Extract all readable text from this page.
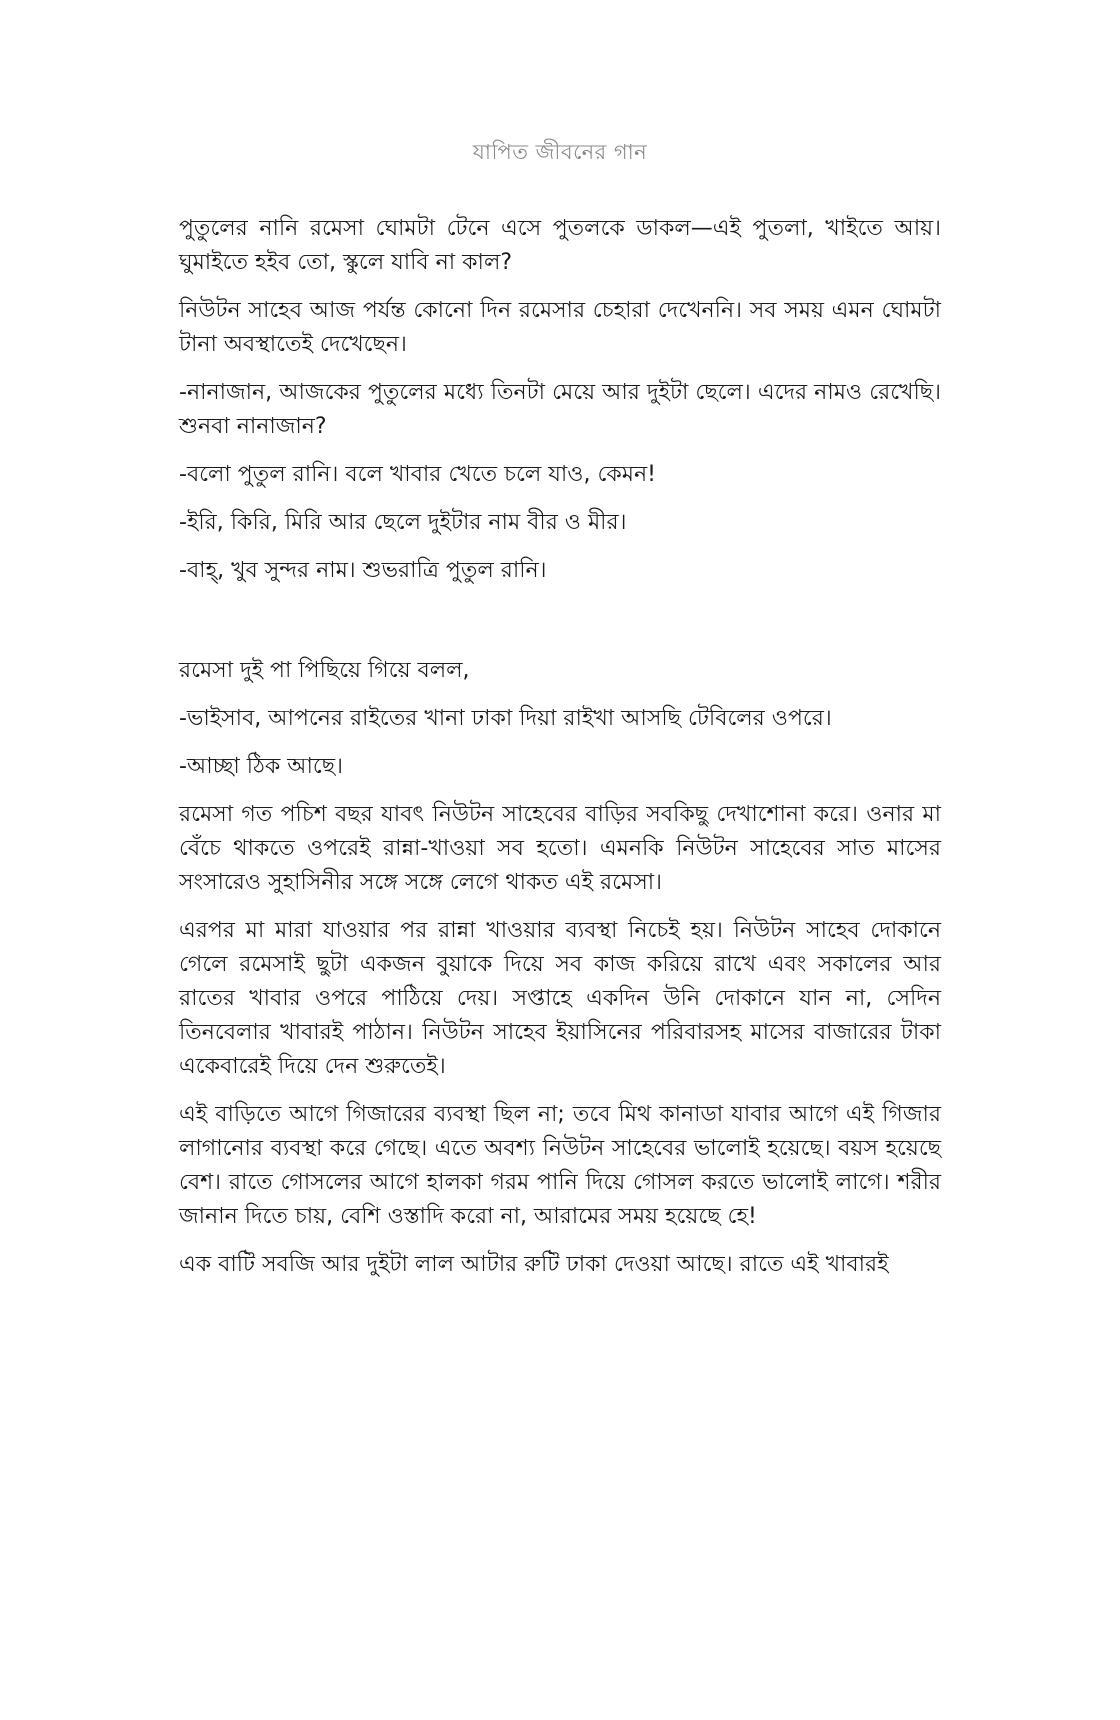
যাপিত জীবনের গান

পুতুলের নানি রমেসা ঘোমটা টেনে এসে পুতলকে ডাকল—এই পুতলা, খাইতে আয়। ঘুমাইতে হইব তো, স্কুলে যাবি না কাল?

নিউটন সাহেব আজ পর্যন্ত কোনো দিন রমেসার চেহারা দেখেননি। সব সময় এমন ঘোমটা টানা অবস্থাতেই দেখেছেন।

-নানাজান, আজকের পুতুলের মধ্যে তিনটা মেয়ে আর দুইটা ছেলে। এদের নামও রেখেছি। শুনবা নানাজান?

-বলো পুতুল রানি। বলে খাবার খেতে চলে যাও, কেমন!

-ইরি, কিরি, মিরি আর ছেলে দুইটার নাম বীর ও মীর।

-বাহ্‌, খুব সুন্দর নাম। শুভরাত্রি পুতুল রানি।

রমেসা দুই পা পিছিয়ে গিয়ে বলল,

-ভাইসাব, আপনের রাইতের খানা ঢাকা দিয়া রাইখা আসছি টেবিলের ওপরে।

-আচ্ছা ঠিক আছে।

রমেসা গত পচিশ বছর যাবৎ নিউটন সাহেবের বাড়ির সবকিছু দেখাশোনা করে। ওনার মা বেঁচে থাকতে ওপরেই রান্না-খাওয়া সব হতো। এমনকি নিউটন সাহেবের সাত মাসের সংসারেও সুহাসিনীর সঙ্গে সঙ্গে লেগে থাকত এই রমেসা।

এরপর মা মারা যাওয়ার পর রান্না খাওয়ার ব্যবস্থা নিচেই হয়। নিউটন সাহেব দোকানে গেলে রমেসাই ছুটা একজন বুয়াকে দিয়ে সব কাজ করিয়ে রাখে এবং সকালের আর রাতের খাবার ওপরে পাঠিয়ে দেয়। সপ্তাহে একদিন উনি দোকানে যান না, সেদিন তিনবেলার খাবারই পাঠান। নিউটন সাহেব ইয়াসিনের পরিবারসহ মাসের বাজারের টাকা একেবারেই দিয়ে দেন শুরুতেই।

এই বাড়িতে আগে গিজারের ব্যবস্থা ছিল না; তবে মিথ কানাডা যাবার আগে এই গিজার লাগানোর ব্যবস্থা করে গেছে। এতে অবশ্য নিউটন সাহেবের ভালোই হয়েছে। বয়স হয়েছে বেশ। রাতে গোসলের আগে হালকা গরম পানি দিয়ে গোসল করতে ভালোই লাগে। শরীর জানান দিতে চায়, বেশি ওস্তাদি করো না, আরামের সময় হয়েছে হে!

এক বাটি সবজি আর দুইটা লাল আটার রুটি ঢাকা দেওয়া আছে। রাতে এই খাবারই
